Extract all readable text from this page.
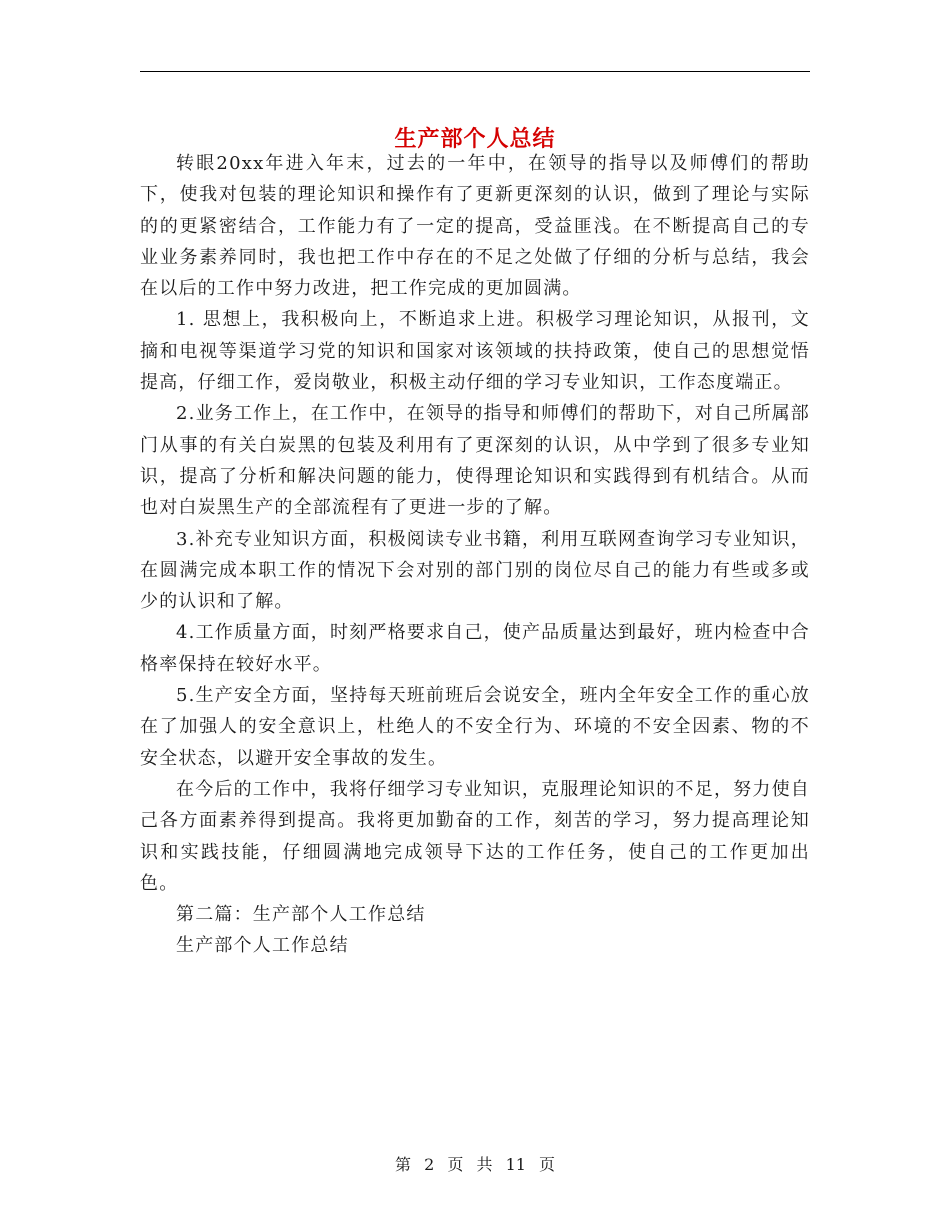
生产部个人总结

转眼20xx年进入年末，过去的一年中，在领导的指导以及师傅们的帮助下，使我对包装的理论知识和操作有了更新更深刻的认识，做到了理论与实际的的更紧密结合，工作能力有了一定的提高，受益匪浅。在不断提高自己的专业业务素养同时，我也把工作中存在的不足之处做了仔细的分析与总结，我会在以后的工作中努力改进，把工作完成的更加圆满。

1. 思想上，我积极向上，不断追求上进。积极学习理论知识，从报刊，文摘和电视等渠道学习党的知识和国家对该领域的扶持政策，使自己的思想觉悟提高，仔细工作，爱岗敬业，积极主动仔细的学习专业知识，工作态度端正。

2.业务工作上，在工作中，在领导的指导和师傅们的帮助下，对自己所属部门从事的有关白炭黑的包装及利用有了更深刻的认识，从中学到了很多专业知识，提高了分析和解决问题的能力，使得理论知识和实践得到有机结合。从而也对白炭黑生产的全部流程有了更进一步的了解。

3.补充专业知识方面，积极阅读专业书籍，利用互联网查询学习专业知识，在圆满完成本职工作的情况下会对别的部门别的岗位尽自己的能力有些或多或少的认识和了解。

4.工作质量方面，时刻严格要求自己，使产品质量达到最好，班内检查中合格率保持在较好水平。

5.生产安全方面，坚持每天班前班后会说安全，班内全年安全工作的重心放在了加强人的安全意识上，杜绝人的不安全行为、环境的不安全因素、物的不安全状态，以避开安全事故的发生。

在今后的工作中，我将仔细学习专业知识，克服理论知识的不足，努力使自己各方面素养得到提高。我将更加勤奋的工作，刻苦的学习，努力提高理论知识和实践技能，仔细圆满地完成领导下达的工作任务，使自己的工作更加出色。

第二篇：生产部个人工作总结

生产部个人工作总结

第 2 页 共 11 页
